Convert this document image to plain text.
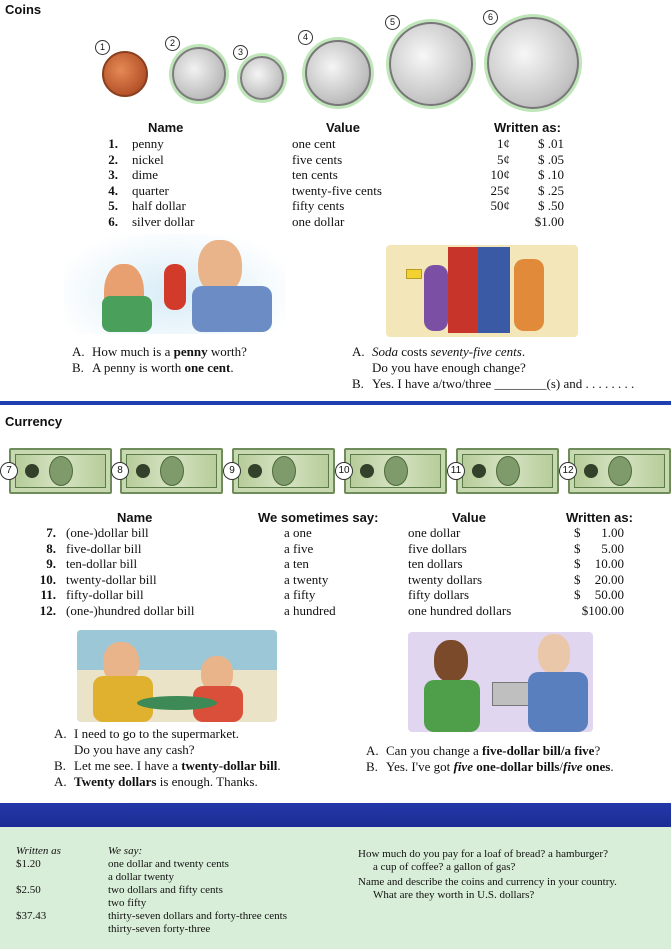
Coins
1	2
3
4
5	6
Name	Value	Written as:
1. penny	one cent	1¢	$ .01
2. nickel	five cents	5¢	$ .05
3. dime	ten cents	10¢	$ .10
4. quarter	twenty-five cents	25¢	$ .25
5. half dollar	fifty cents	50¢	$ .50
6. silver dollar	one dollar	$1.00
A. How much is a penny worth?
B. A penny is worth one cent.
A. Soda costs seventy-five cents.
Do you have enough change?
B. Yes. I have a/two/three ________(s) and . . . . . . . .
Currency
7	8	9	10	11	12
Name	We sometimes say:	Value	Written as:
7. (one-)dollar bill	a one	one dollar	$	1.00
8. five-dollar bill	a five	five dollars	$	5.00
9. ten-dollar bill	a ten	ten dollars	$	10.00
10. twenty-dollar bill	a twenty	twenty dollars	$	20.00
11. fifty-dollar bill	a fifty	fifty dollars	$	50.00
12. (one-)hundred dollar bill	a hundred	one hundred dollars	$100.00
A. I need to go to the supermarket.
Do you have any cash?
B. Let me see. I have a twenty-dollar bill.
A. Twenty dollars is enough. Thanks.
A. Can you change a five-dollar bill/a five?
B. Yes. I've got five one-dollar bills/five ones.
Written as	We say:
$1.20	one dollar and twenty cents
a dollar twenty
$2.50	two dollars and fifty cents
two fifty
$37.43	thirty-seven dollars and forty-three cents
thirty-seven forty-three
How much do you pay for a loaf of bread? a hamburger?
a cup of coffee? a gallon of gas?
Name and describe the coins and currency in your country.
What are they worth in U.S. dollars?
